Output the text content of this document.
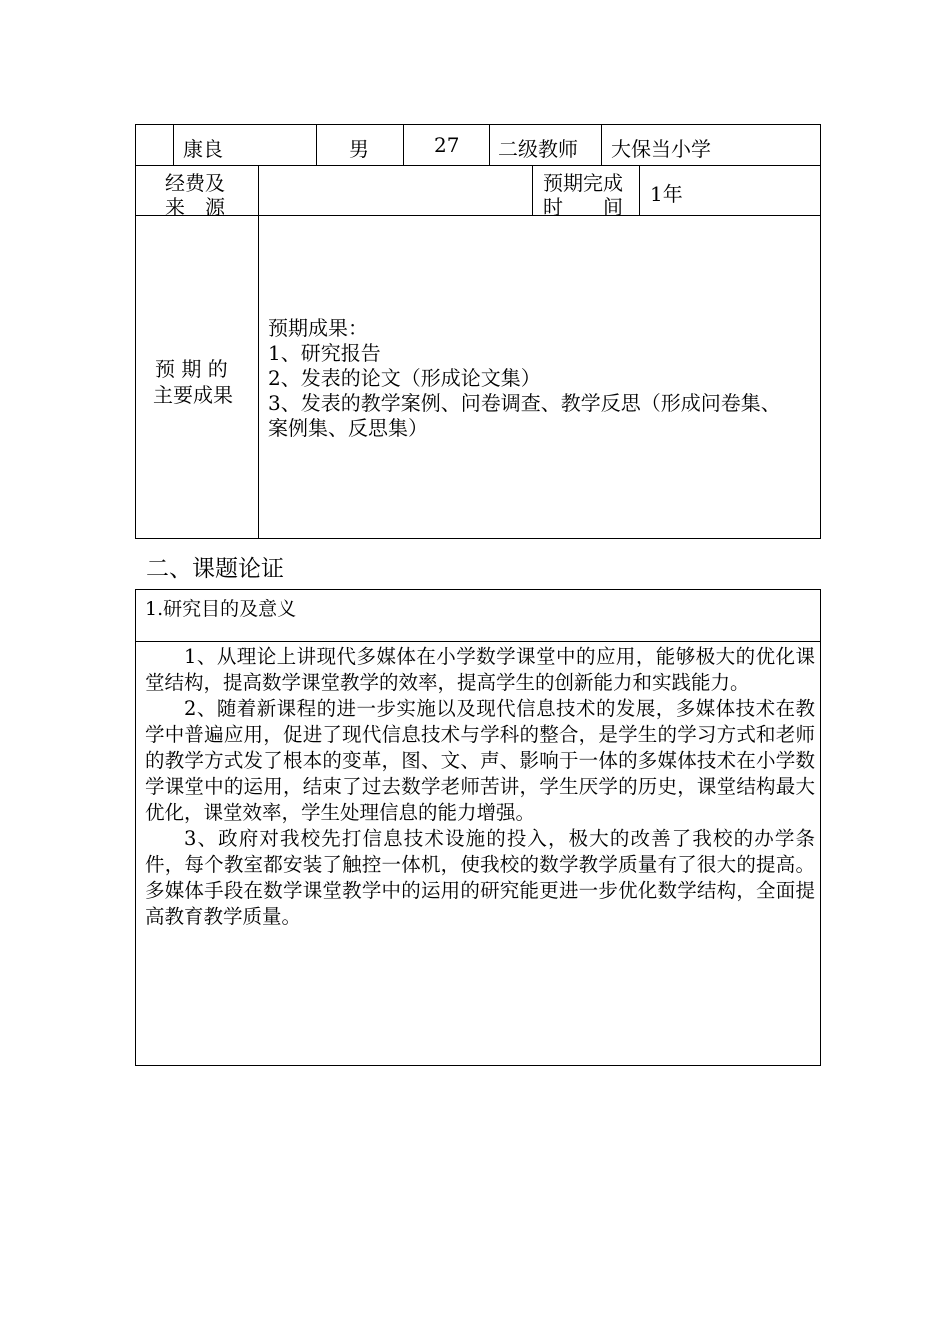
康良	男	27 二级教师 大保当小学
经费及
来　源
预期完成
时　　间
1年
预 期 的
主要成果
预期成果：
1、研究报告
2、发表的论文（形成论文集）
3、发表的教学案例、问卷调查、教学反思（形成问卷集、
案例集、反思集）
二、课题论证
1.研究目的及意义

1、从理论上讲现代多媒体在小学数学课堂中的应用，能够极大的优化课堂结构，提高数学课堂教学的效率，提高学生的创新能力和实践能力。

2、随着新课程的进一步实施以及现代信息技术的发展，多媒体技术在教学中普遍应用，促进了现代信息技术与学科的整合，是学生的学习方式和老师的教学方式发了根本的变革，图、文、声、影响于一体的多媒体技术在小学数学课堂中的运用，结束了过去数学老师苦讲，学生厌学的历史，课堂结构最大优化，课堂效率，学生处理信息的能力增强。

3、政府对我校先打信息技术设施的投入，极大的改善了我校的办学条件，每个教室都安装了触控一体机，使我校的数学教学质量有了很大的提高。多媒体手段在数学课堂教学中的运用的研究能更进一步优化数学结构，全面提高教育教学质量。
